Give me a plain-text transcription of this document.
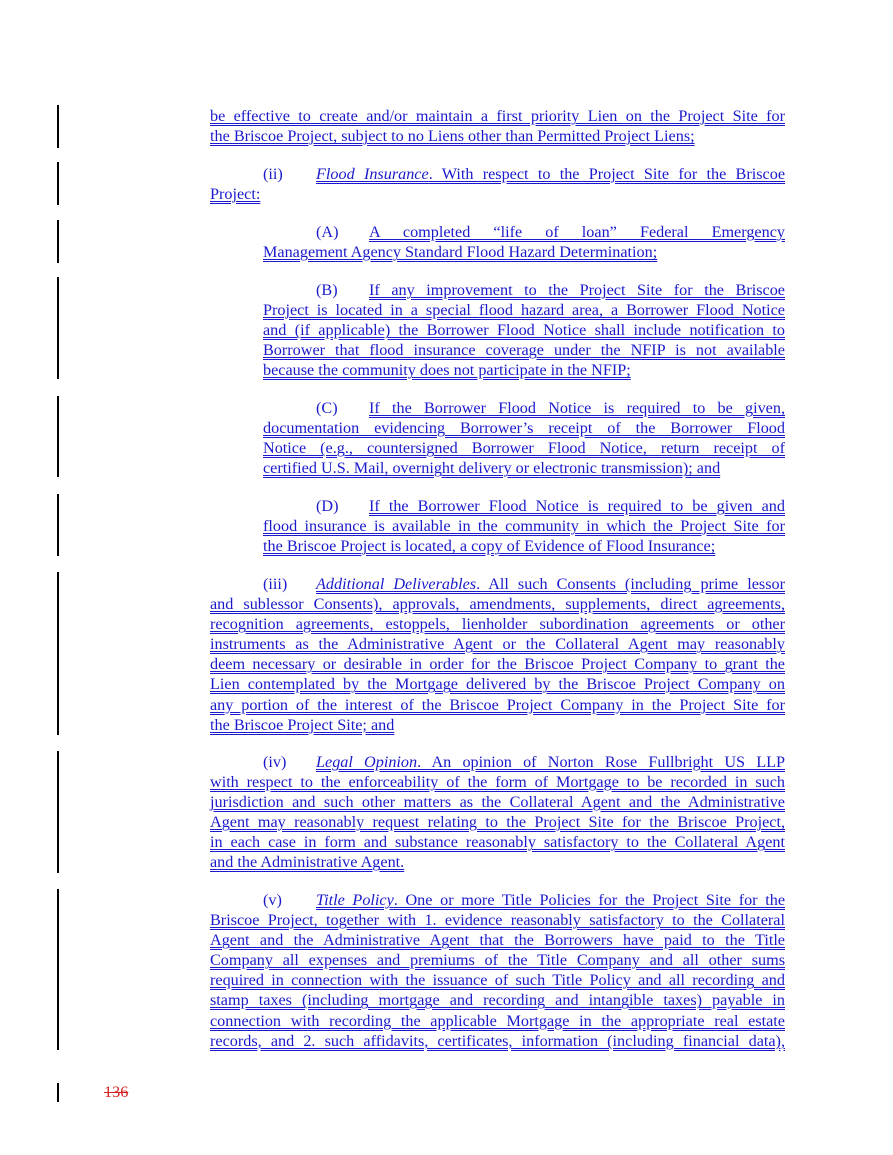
be effective to create and/or maintain a first priority Lien on the Project Site for
the Briscoe Project, subject to no Liens other than Permitted Project Liens;
(ii) Flood Insurance. With respect to the Project Site for the Briscoe
Project:
(A) A completed “life of loan” Federal Emergency
Management Agency Standard Flood Hazard Determination;
(B) If any improvement to the Project Site for the Briscoe
Project is located in a special flood hazard area, a Borrower Flood Notice
and (if applicable) the Borrower Flood Notice shall include notification to
Borrower that flood insurance coverage under the NFIP is not available
because the community does not participate in the NFIP;
(C) If the Borrower Flood Notice is required to be given,
documentation evidencing Borrower’s receipt of the Borrower Flood
Notice (e.g., countersigned Borrower Flood Notice, return receipt of
certified U.S. Mail, overnight delivery or electronic transmission); and
(D) If the Borrower Flood Notice is required to be given and
flood insurance is available in the community in which the Project Site for
the Briscoe Project is located, a copy of Evidence of Flood Insurance;
(iii) Additional Deliverables. All such Consents (including prime lessor
and sublessor Consents), approvals, amendments, supplements, direct agreements,
recognition agreements, estoppels, lienholder subordination agreements or other
instruments as the Administrative Agent or the Collateral Agent may reasonably
deem necessary or desirable in order for the Briscoe Project Company to grant the
Lien contemplated by the Mortgage delivered by the Briscoe Project Company on
any portion of the interest of the Briscoe Project Company in the Project Site for
the Briscoe Project Site; and
(iv) Legal Opinion. An opinion of Norton Rose Fullbright US LLP
with respect to the enforceability of the form of Mortgage to be recorded in such
jurisdiction and such other matters as the Collateral Agent and the Administrative
Agent may reasonably request relating to the Project Site for the Briscoe Project,
in each case in form and substance reasonably satisfactory to the Collateral Agent
and the Administrative Agent.
(v) Title Policy. One or more Title Policies for the Project Site for the
Briscoe Project, together with 1. evidence reasonably satisfactory to the Collateral
Agent and the Administrative Agent that the Borrowers have paid to the Title
Company all expenses and premiums of the Title Company and all other sums
required in connection with the issuance of such Title Policy and all recording and
stamp taxes (including mortgage and recording and intangible taxes) payable in
connection with recording the applicable Mortgage in the appropriate real estate
records, and 2. such affidavits, certificates, information (including financial data),
136
